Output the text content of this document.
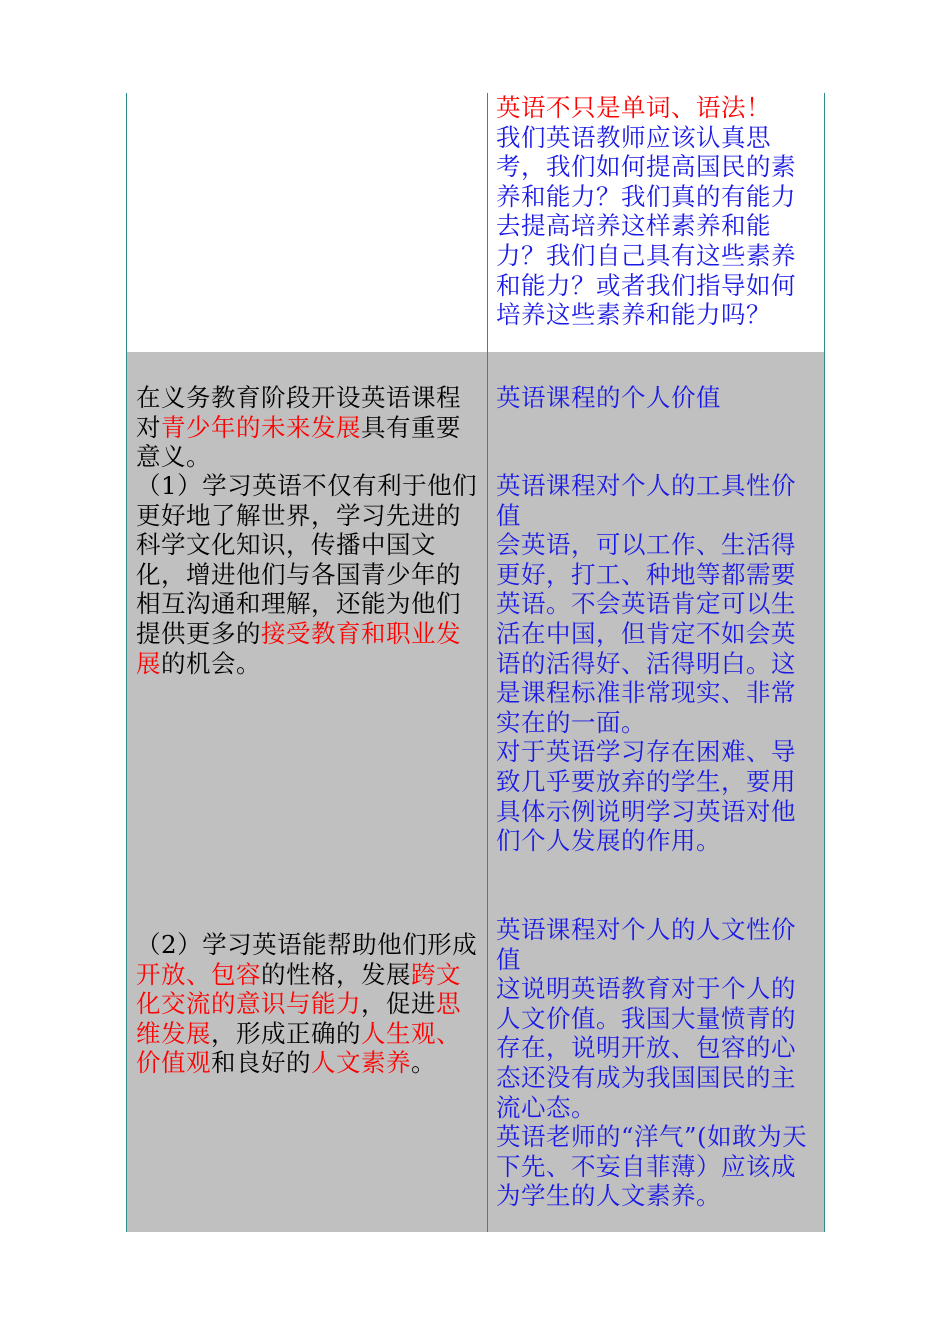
英语不只是单词、语法！

我们英语教师应该认真思考，我们如何提高国民的素养和能力？我们真的有能力去提高培养这样素养和能力？我们自己具有这些素养和能力？或者我们指导如何培养这些素养和能力吗？

在义务教育阶段开设英语课程对青少年的未来发展具有重要意义。

英语课程的个人价值

（1）学习英语不仅有利于他们更好地了解世界，学习先进的科学文化知识，传播中国文化，增进他们与各国青少年的相互沟通和理解，还能为他们提供更多的接受教育和职业发展的机会。

英语课程对个人的工具性价值

会英语，可以工作、生活得更好，打工、种地等都需要英语。不会英语肯定可以生活在中国，但肯定不如会英语的活得好、活得明白。这是课程标准非常现实、非常实在的一面。

对于英语学习存在困难、导致几乎要放弃的学生，要用具体示例说明学习英语对他们个人发展的作用。

（2）学习英语能帮助他们形成开放、包容的性格，发展跨文化交流的意识与能力，促进思维发展，形成正确的人生观、价值观和良好的人文素养。

英语课程对个人的人文性价值

这说明英语教育对于个人的人文价值。我国大量愤青的存在，说明开放、包容的心态还没有成为我国国民的主流心态。

英语老师的“洋气”(如敢为天下先、不妄自菲薄）应该成为学生的人文素养。
